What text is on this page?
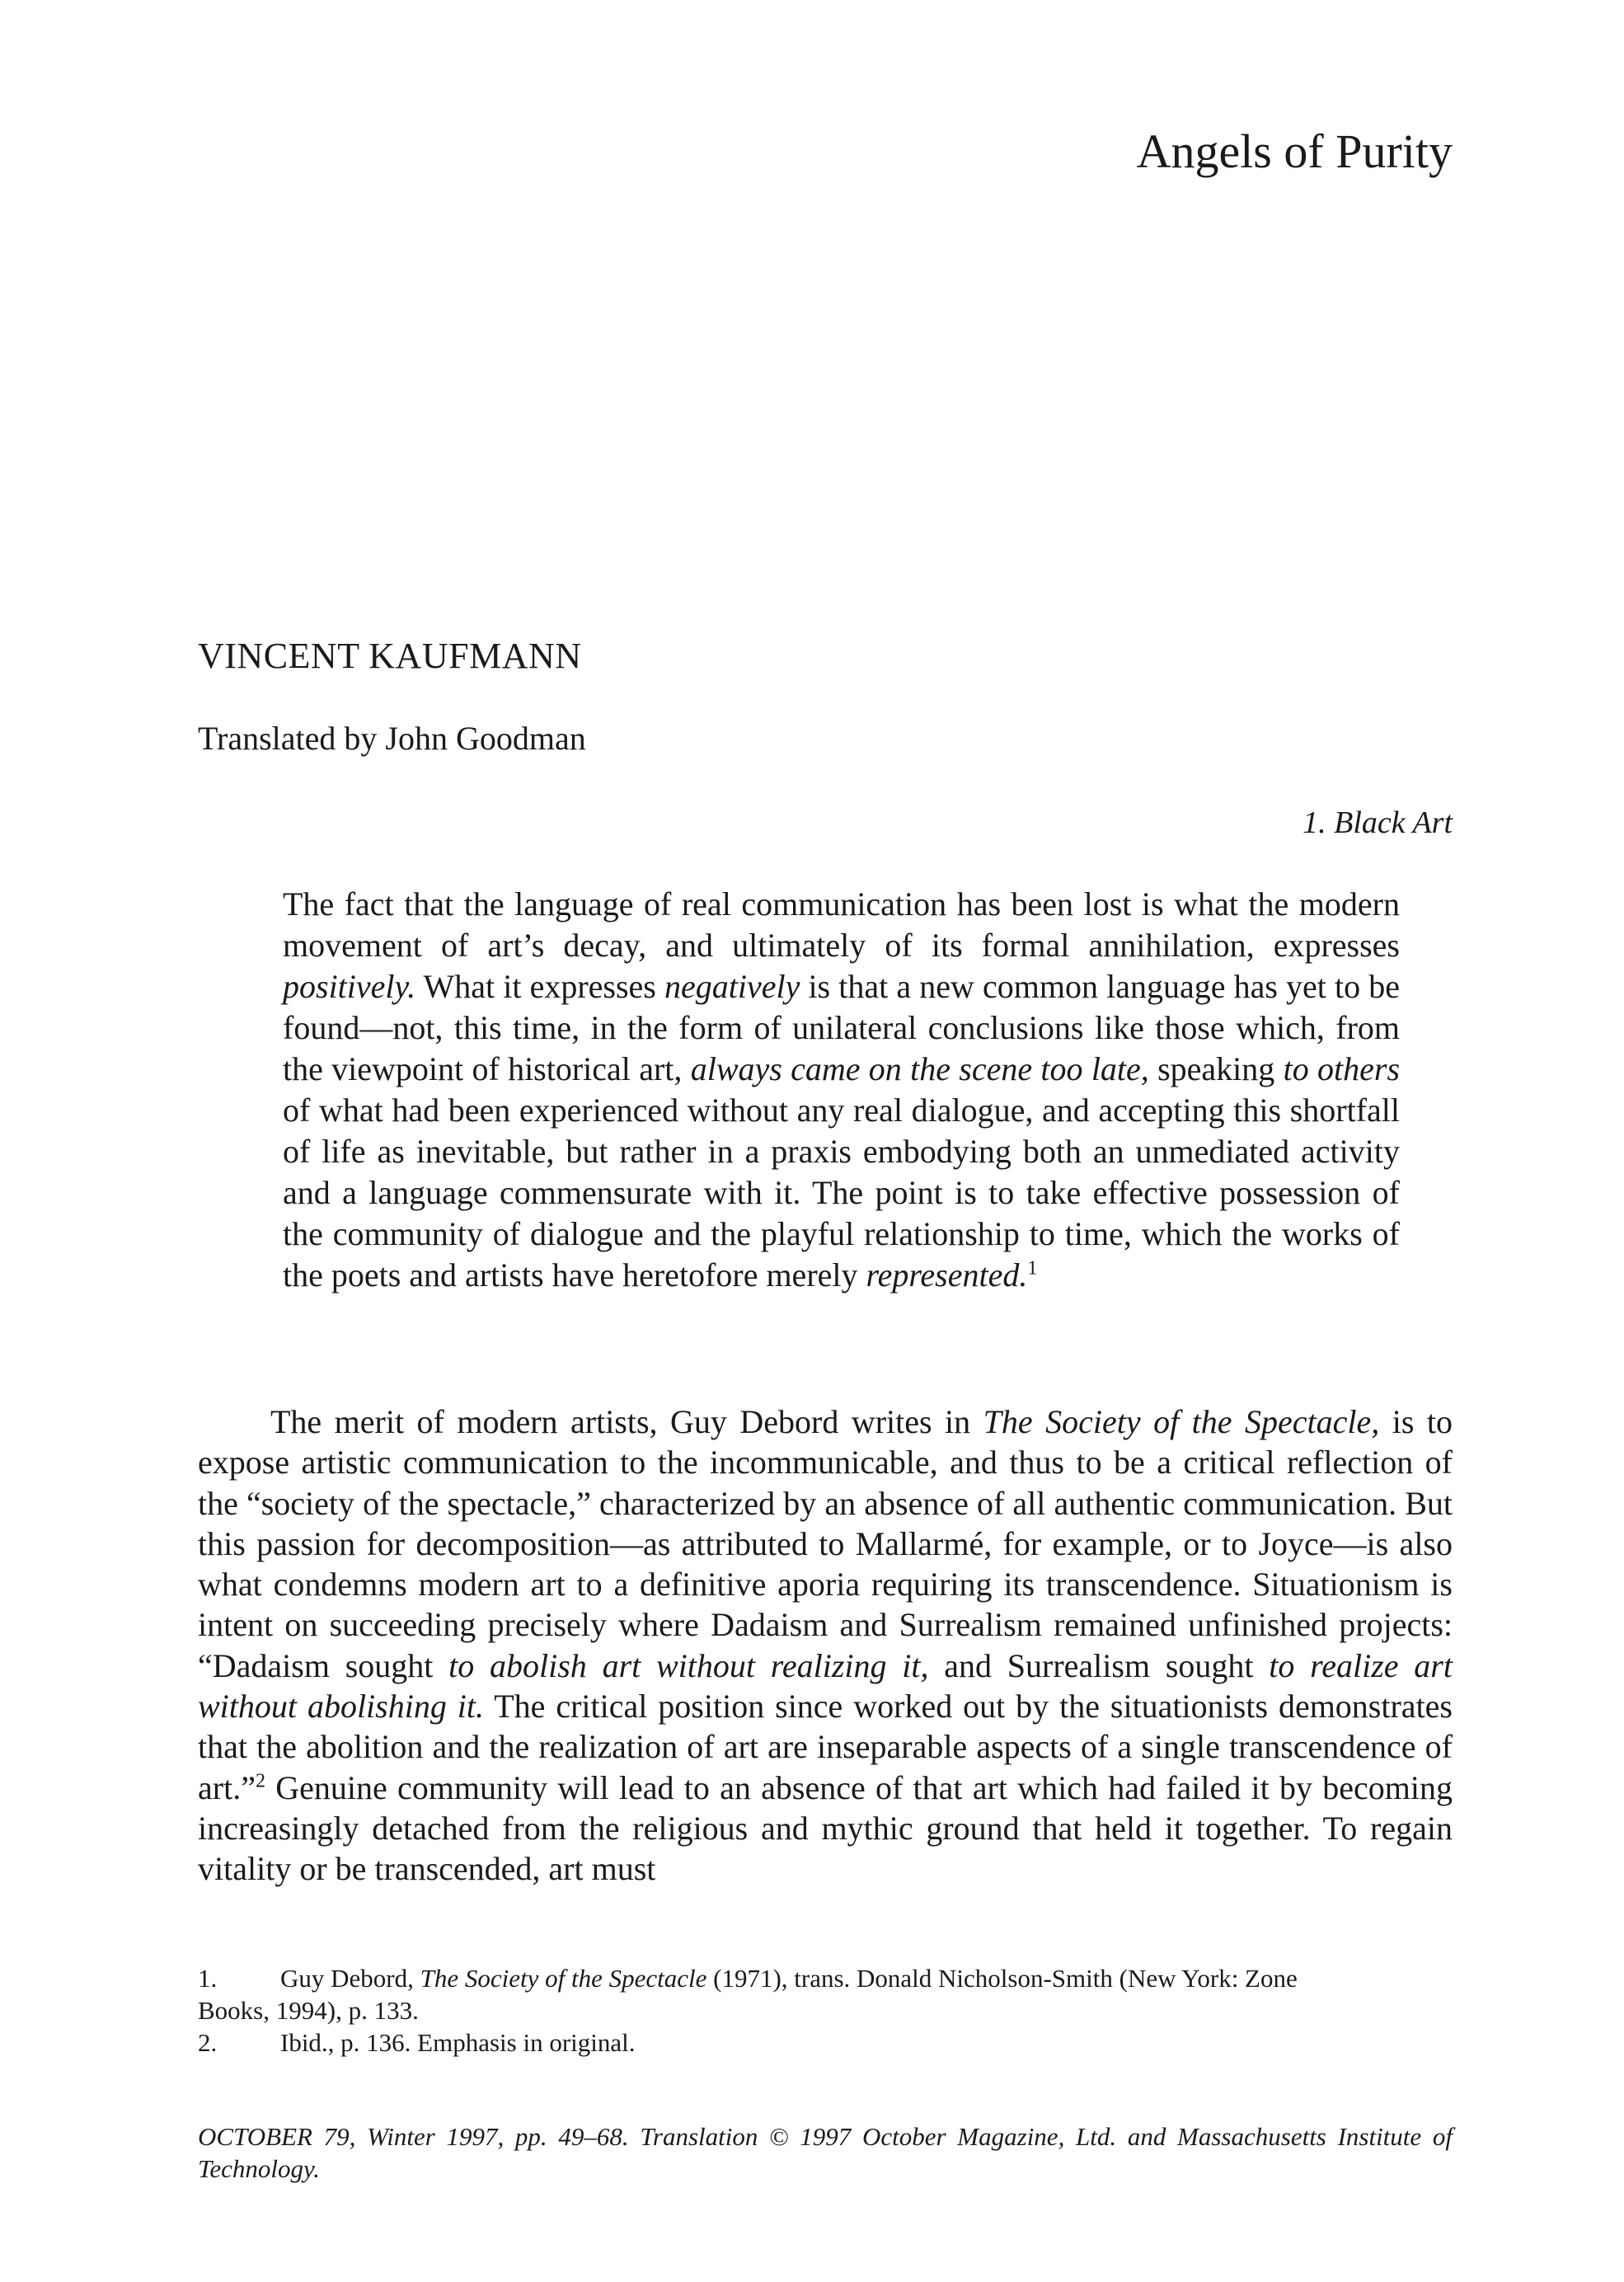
Angels of Purity
VINCENT KAUFMANN
Translated by John Goodman
1. Black Art
The fact that the language of real communication has been lost is what the modern movement of art’s decay, and ultimately of its formal annihilation, expresses positively. What it expresses negatively is that a new common language has yet to be found—not, this time, in the form of unilateral conclusions like those which, from the viewpoint of historical art, always came on the scene too late, speaking to others of what had been experienced without any real dialogue, and accepting this shortfall of life as inevitable, but rather in a praxis embodying both an unmediated activity and a language commensurate with it. The point is to take effective possession of the community of dialogue and the playful relationship to time, which the works of the poets and artists have heretofore merely represented.$^1$
The merit of modern artists, Guy Debord writes in The Society of the Spectacle, is to expose artistic communication to the incommunicable, and thus to be a critical reflection of the “society of the spectacle,” characterized by an absence of all authentic communication. But this passion for decomposition—as attributed to Mallarmé, for example, or to Joyce—is also what condemns modern art to a definitive aporia requiring its transcendence. Situationism is intent on succeeding precisely where Dadaism and Surrealism remained unfinished projects: “Dadaism sought to abolish art without realizing it, and Surrealism sought to realize art without abolishing it. The critical position since worked out by the situationists demonstrates that the abolition and the realization of art are inseparable aspects of a single transcendence of art.”$^2$ Genuine community will lead to an absence of that art which had failed it by becoming increasingly detached from the religious and mythic ground that held it together. To regain vitality or be transcended, art must
1.	Guy Debord, The Society of the Spectacle (1971), trans. Donald Nicholson-Smith (New York: Zone
Books, 1994), p. 133.
2.	Ibid., p. 136. Emphasis in original.
OCTOBER 79, Winter 1997, pp. 49–68. Translation © 1997 October Magazine, Ltd. and Massachusetts Institute of Technology.
